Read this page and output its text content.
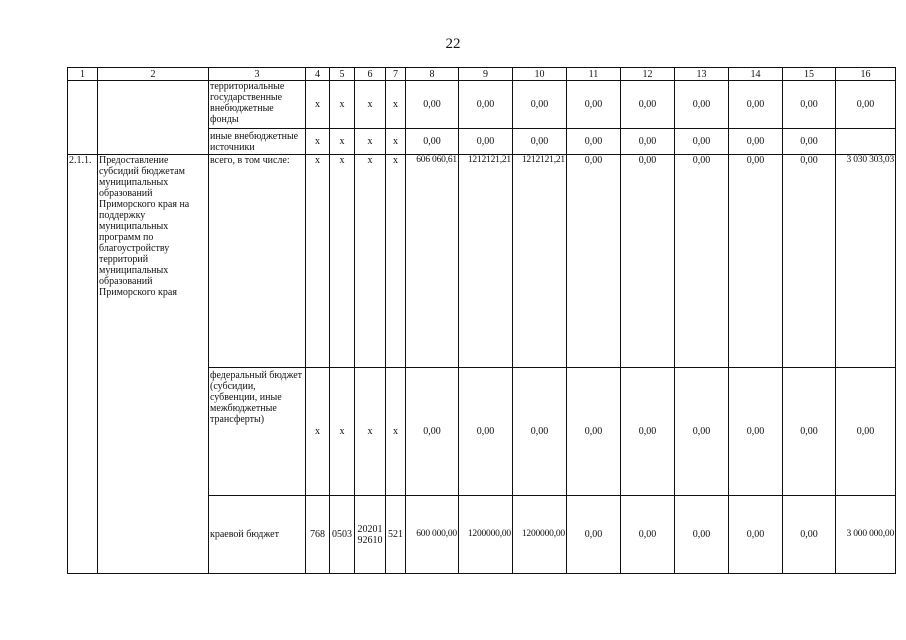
22
1	2	3	4	5	6	7	8	9	10	11	12	13	14	15	16
		территориальные государственные внебюджетные фонды	х	х	х	х	0,00	0,00	0,00	0,00	0,00	0,00	0,00	0,00	0,00
		иные внебюджетные источники	х	х	х	х	0,00	0,00	0,00	0,00	0,00	0,00	0,00	0,00	
2.1.1.	Предоставление субсидий бюджетам муниципальных образований Приморского края на поддержку муниципальных программ по благоустройству территорий муниципальных образований Приморского края	всего, в том числе:	х	х	х	х	606 060,61	1212121,21	1212121,21	0,00	0,00	0,00	0,00	0,00	3 030 303,03
		федеральный бюджет (субсидии, субвенции, иные межбюджетные трансферты)	х	х	х	х	0,00	0,00	0,00	0,00	0,00	0,00	0,00	0,00	0,00
		краевой бюджет	768	0503	20201 92610	521	600 000,00	1200000,00	1200000,00	0,00	0,00	0,00	0,00	0,00	3 000 000,00
